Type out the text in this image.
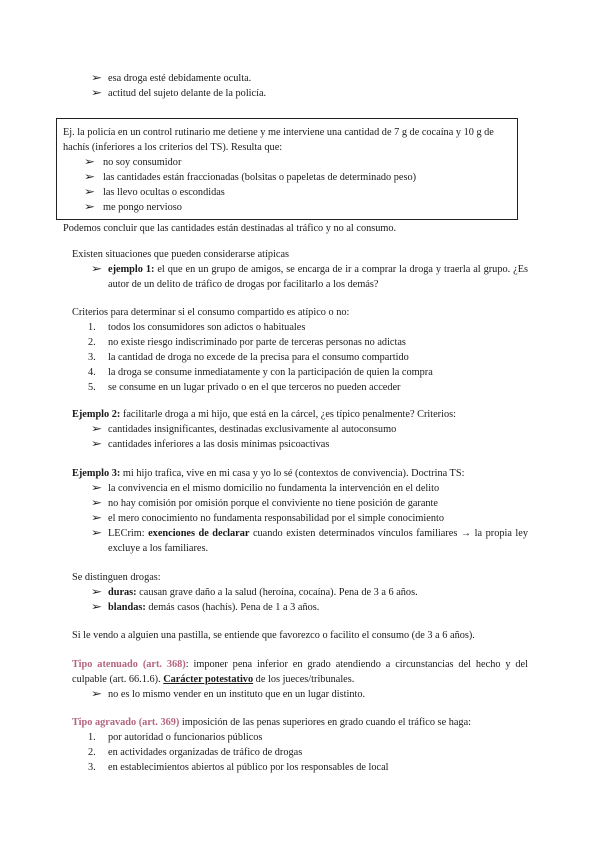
➢ esa droga esté debidamente oculta.
➢ actitud del sujeto delante de la policía.
Ej. la policía en un control rutinario me detiene y me interviene una cantidad de 7 g de cocaína y 10 g de hachís (inferiores a los criterios del TS). Resulta que:
➢ no soy consumidor
➢ las cantidades están fraccionadas (bolsitas o papeletas de determinado peso)
➢ las llevo ocultas o escondidas
➢ me pongo nervioso
Podemos concluir que las cantidades están destinadas al tráfico y no al consumo.
Existen situaciones que pueden considerarse atípicas
➢ ejemplo 1: el que en un grupo de amigos, se encarga de ir a comprar la droga y traerla al grupo. ¿Es autor de un delito de tráfico de drogas por facilitarlo a los demás?
Criterios para determinar si el consumo compartido es atípico o no:
1.	todos los consumidores son adictos o habituales
2.	no existe riesgo indiscriminado por parte de terceras personas no adictas
3.	la cantidad de droga no excede de la precisa para el consumo compartido
4.	la droga se consume inmediatamente y con la participación de quien la compra
5.	se consume en un lugar privado o en el que terceros no pueden acceder
Ejemplo 2: facilitarle droga a mi hijo, que está en la cárcel, ¿es típico penalmente? Criterios:
➢ cantidades insignificantes, destinadas exclusivamente al autoconsumo
➢ cantidades inferiores a las dosis mínimas psicoactivas
Ejemplo 3: mi hijo trafica, vive en mi casa y yo lo sé (contextos de convivencia). Doctrina TS:
➢ la convivencia en el mismo domicilio no fundamenta la intervención en el delito
➢ no hay comisión por omisión porque el conviviente no tiene posición de garante
➢ el mero conocimiento no fundamenta responsabilidad por el simple conocimiento
➢ LECrim: exenciones de declarar cuando existen determinados vínculos familiares → la propia ley excluye a los familiares.
Se distinguen drogas:
➢ duras: causan grave daño a la salud (heroína, cocaína). Pena de 3 a 6 años.
➢ blandas: demás casos (hachís). Pena de 1 a 3 años.
Si le vendo a alguien una pastilla, se entiende que favorezco o facilito el consumo (de 3 a 6 años).
Tipo atenuado (art. 368): imponer pena inferior en grado atendiendo a circunstancias del hecho y del culpable (art. 66.1.6). Carácter potestativo de los jueces/tribunales.
➢ no es lo mismo vender en un instituto que en un lugar distinto.
Tipo agravado (art. 369) imposición de las penas superiores en grado cuando el tráfico se haga:
1.	por autoridad o funcionarios públicos
2.	en actividades organizadas de tráfico de drogas
3.	en establecimientos abiertos al público por los responsables de local
